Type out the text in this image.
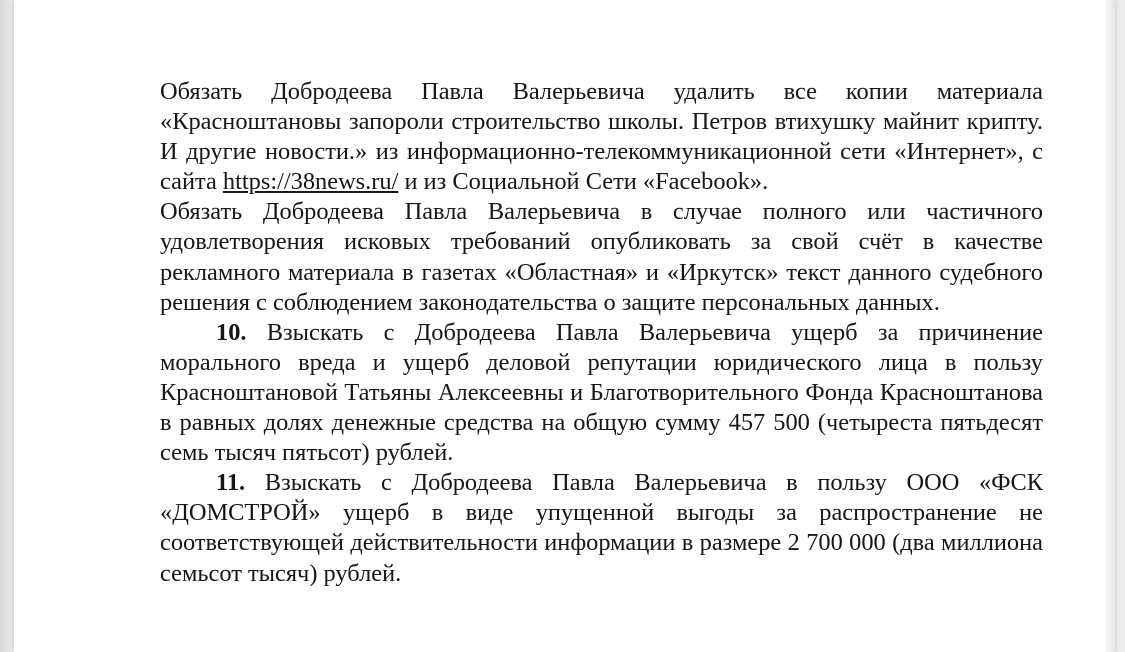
Обязать Добродеева Павла Валерьевича удалить все копии материала «Красноштановы запороли строительство школы. Петров втихушку майнит крипту. И другие новости.» из информационно-телекоммуникационной сети «Интернет», с сайта https://38news.ru/ и из Социальной Сети «Facebook».

Обязать Добродеева Павла Валерьевича в случае полного или частичного удовлетворения исковых требований опубликовать за свой счёт в качестве рекламного материала в газетах «Областная» и «Иркутск» текст данного судебного решения с соблюдением законодательства о защите персональных данных.

10. Взыскать с Добродеева Павла Валерьевича ущерб за причинение морального вреда и ущерб деловой репутации юридического лица в пользу Красноштановой Татьяны Алексеевны и Благотворительного Фонда Красноштанова в равных долях денежные средства на общую сумму 457 500 (четыреста пятьдесят семь тысяч пятьсот) рублей.

11. Взыскать с Добродеева Павла Валерьевича в пользу ООО «ФСК «ДОМСТРОЙ» ущерб в виде упущенной выгоды за распространение не соответствующей действительности информации в размере 2 700 000 (два миллиона семьсот тысяч) рублей.
